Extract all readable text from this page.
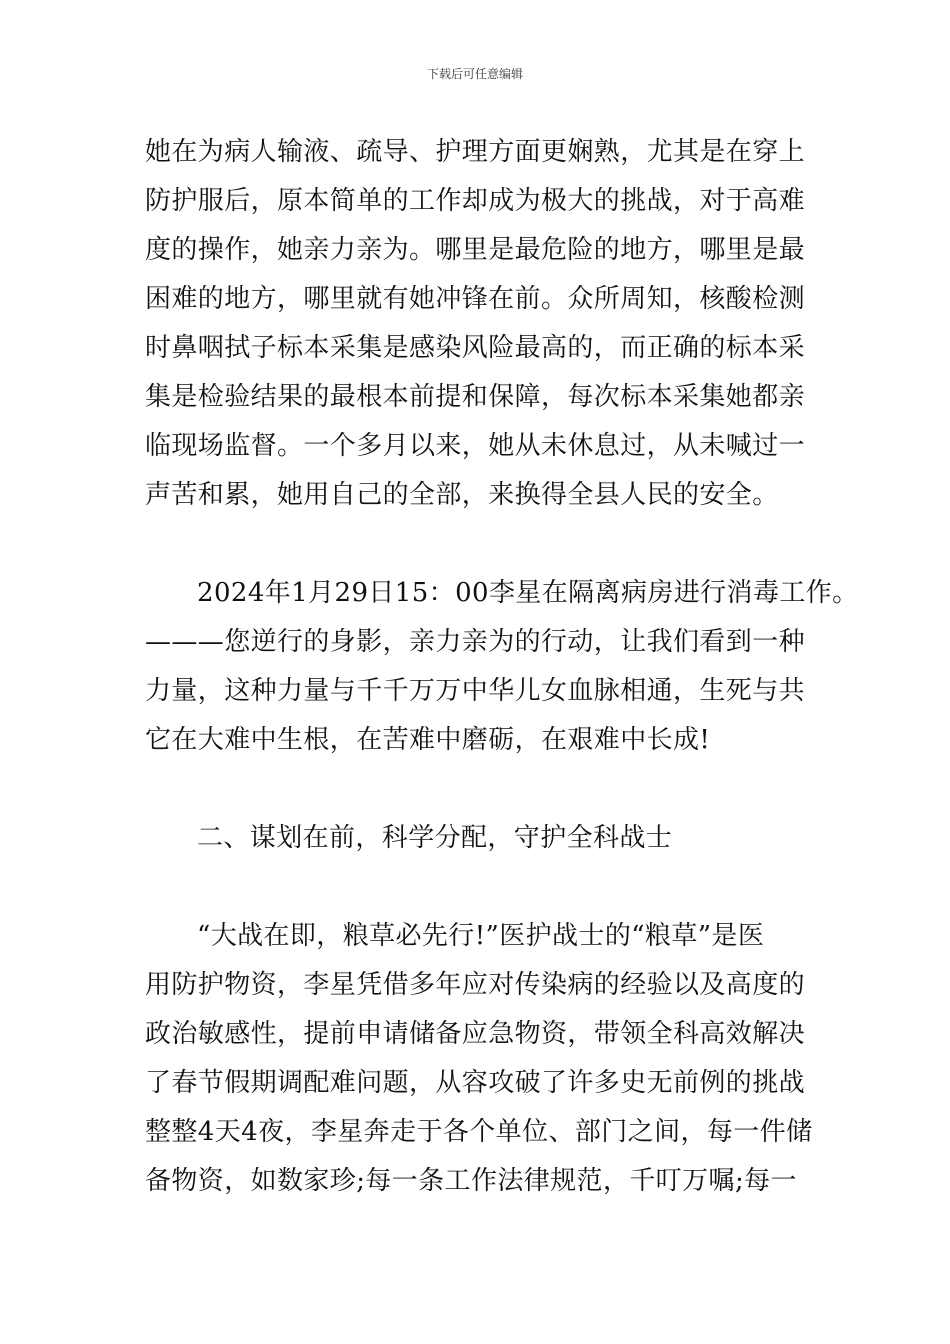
下载后可任意编辑
她在为病人输液、疏导、护理方面更娴熟，尤其是在穿上
防护服后，原本简单的工作却成为极大的挑战，对于高难
度的操作，她亲力亲为。哪里是最危险的地方，哪里是最
困难的地方，哪里就有她冲锋在前。众所周知，核酸检测
时鼻咽拭子标本采集是感染风险最高的，而正确的标本采
集是检验结果的最根本前提和保障，每次标本采集她都亲
临现场监督。一个多月以来，她从未休息过，从未喊过一
声苦和累，她用自己的全部，来换得全县人民的安全。
2024年1月29日15：00李星在隔离病房进行消毒工作。
———您逆行的身影，亲力亲为的行动，让我们看到一种
力量，这种力量与千千万万中华儿女血脉相通，生死与共
它在大难中生根，在苦难中磨砺，在艰难中长成!
二、谋划在前，科学分配，守护全科战士
“大战在即，粮草必先行!”医护战士的“粮草”是医
用防护物资，李星凭借多年应对传染病的经验以及高度的
政治敏感性，提前申请储备应急物资，带领全科高效解决
了春节假期调配难问题，从容攻破了许多史无前例的挑战
整整4天4夜，李星奔走于各个单位、部门之间，每一件储
备物资，如数家珍;每一条工作法律规范，千叮万嘱;每一
